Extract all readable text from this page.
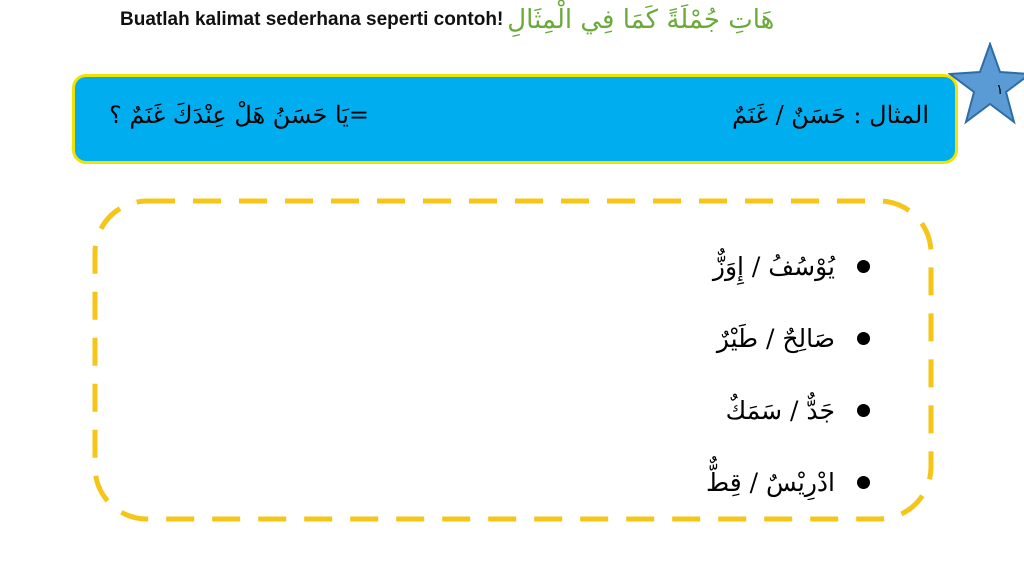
Buatlah kalimat sederhana seperti contoh! هَاتِ جُمْلَةً كَمَا فِي الْمِثَالِ
المثال : حَسَنٌ / غَنَمٌ
=يَا حَسَنُ هَلْ عِنْدَكَ غَنَمٌ ؟
١
يُوْسُفُ / إِوَزٌّ
صَالِحٌ / طَيْرٌ
جَدٌّ / سَمَكٌ
ادْرِيْسٌ / قِطٌّ
